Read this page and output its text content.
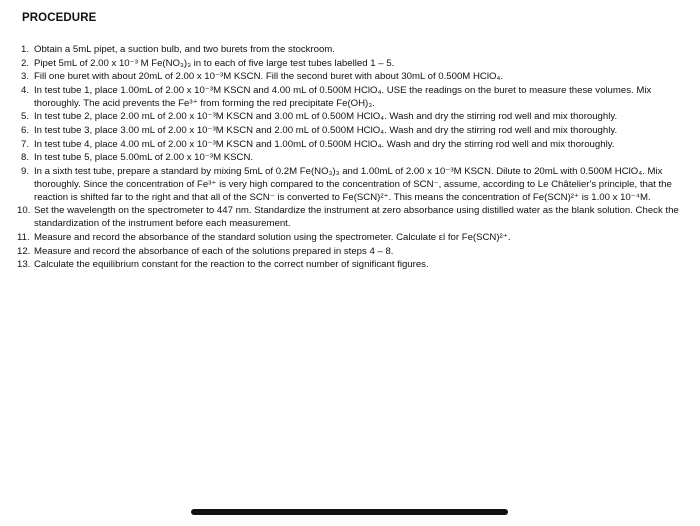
PROCEDURE
1. Obtain a 5mL pipet, a suction bulb, and two burets from the stockroom.
2. Pipet 5mL of 2.00 x 10⁻³ M Fe(NO₃)₃ in to each of five large test tubes labelled 1 – 5.
3. Fill one buret with about 20mL of 2.00 x 10⁻³M KSCN. Fill the second buret with about 30mL of 0.500M HClO₄.
4. In test tube 1, place 1.00mL of 2.00 x 10⁻³M KSCN and 4.00 mL of 0.500M HClO₄. USE the readings on the buret to measure these volumes. Mix thoroughly. The acid prevents the Fe³⁺ from forming the red precipitate Fe(OH)₃.
5. In test tube 2, place 2.00 mL of 2.00 x 10⁻³M KSCN and 3.00 mL of 0.500M HClO₄. Wash and dry the stirring rod well and mix thoroughly.
6. In test tube 3, place 3.00 mL of 2.00 x 10⁻³M KSCN and 2.00 mL of 0.500M HClO₄. Wash and dry the stirring rod well and mix thoroughly.
7. In test tube 4, place 4.00 mL of 2.00 x 10⁻³M KSCN and 1.00mL of 0.500M HClO₄. Wash and dry the stirring rod well and mix thoroughly.
8. In test tube 5, place 5.00mL of 2.00 x 10⁻³M KSCN.
9. In a sixth test tube, prepare a standard by mixing 5mL of 0.2M Fe(NO₃)₃ and 1.00mL of 2.00 x 10⁻³M KSCN. Dilute to 20mL with 0.500M HClO₄. Mix thoroughly. Since the concentration of Fe³⁺ is very high compared to the concentration of SCN⁻, assume, according to Le Châtelier's principle, that the reaction is shifted far to the right and that all of the SCN⁻ is converted to Fe(SCN)²⁺. This means the concentration of Fe(SCN)²⁺ is 1.00 x 10⁻⁴M.
10. Set the wavelength on the spectrometer to 447 nm. Standardize the instrument at zero absorbance using distilled water as the blank solution. Check the standardization of the instrument before each measurement.
11. Measure and record the absorbance of the standard solution using the spectrometer. Calculate εl for Fe(SCN)²⁺.
12. Measure and record the absorbance of each of the solutions prepared in steps 4 – 8.
13. Calculate the equilibrium constant for the reaction to the correct number of significant figures.
